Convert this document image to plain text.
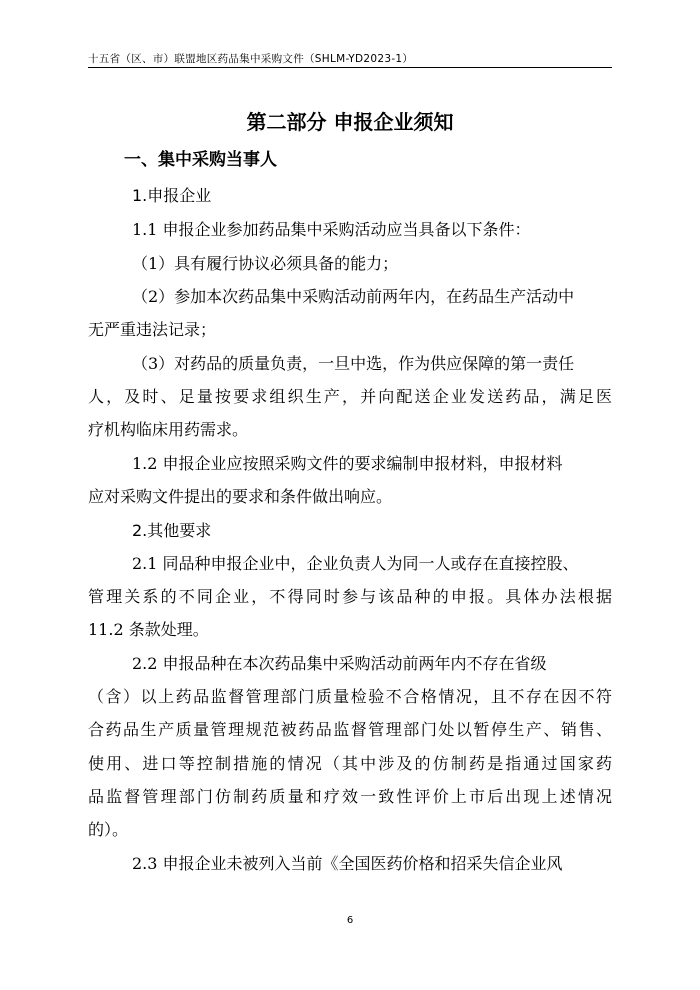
十五省（区、市）联盟地区药品集中采购文件（SHLM-YD2023-1）
第二部分 申报企业须知
一、集中采购当事人
1.申报企业
1.1 申报企业参加药品集中采购活动应当具备以下条件：
（1）具有履行协议必须具备的能力；
（2）参加本次药品集中采购活动前两年内，在药品生产活动中
无严重违法记录；
（3）对药品的质量负责，一旦中选，作为供应保障的第一责任
人，及时、足量按要求组织生产，并向配送企业发送药品，满足医
疗机构临床用药需求。
1.2 申报企业应按照采购文件的要求编制申报材料，申报材料
应对采购文件提出的要求和条件做出响应。
2.其他要求
2.1 同品种申报企业中，企业负责人为同一人或存在直接控股、
管理关系的不同企业，不得同时参与该品种的申报。具体办法根据
11.2 条款处理。
2.2 申报品种在本次药品集中采购活动前两年内不存在省级
（含）以上药品监督管理部门质量检验不合格情况，且不存在因不符
合药品生产质量管理规范被药品监督管理部门处以暂停生产、销售、
使用、进口等控制措施的情况（其中涉及的仿制药是指通过国家药
品监督管理部门仿制药质量和疗效一致性评价上市后出现上述情况
的）。
2.3 申报企业未被列入当前《全国医药价格和招采失信企业风
6
